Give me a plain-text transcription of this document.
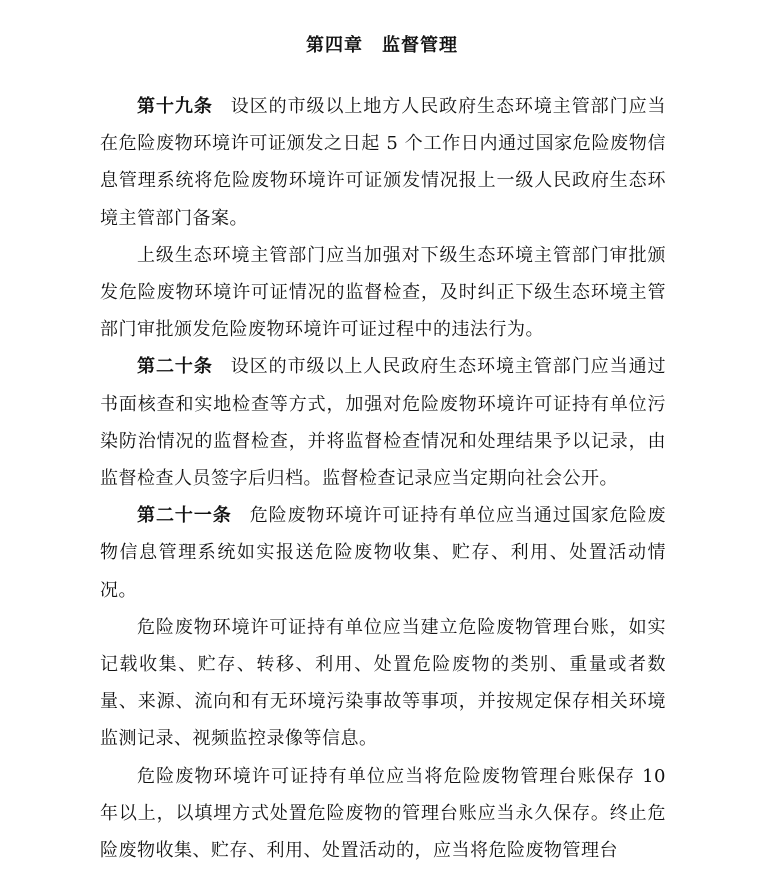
第四章　监督管理

第十九条 设区的市级以上地方人民政府生态环境主管部门应当在危险废物环境许可证颁发之日起 5 个工作日内通过国家危险废物信息管理系统将危险废物环境许可证颁发情况报上一级人民政府生态环境主管部门备案。

上级生态环境主管部门应当加强对下级生态环境主管部门审批颁发危险废物环境许可证情况的监督检查，及时纠正下级生态环境主管部门审批颁发危险废物环境许可证过程中的违法行为。

第二十条 设区的市级以上人民政府生态环境主管部门应当通过书面核查和实地检查等方式，加强对危险废物环境许可证持有单位污染防治情况的监督检查，并将监督检查情况和处理结果予以记录，由监督检查人员签字后归档。监督检查记录应当定期向社会公开。

第二十一条 危险废物环境许可证持有单位应当通过国家危险废物信息管理系统如实报送危险废物收集、贮存、利用、处置活动情况。

危险废物环境许可证持有单位应当建立危险废物管理台账，如实记载收集、贮存、转移、利用、处置危险废物的类别、重量或者数量、来源、流向和有无环境污染事故等事项，并按规定保存相关环境监测记录、视频监控录像等信息。

危险废物环境许可证持有单位应当将危险废物管理台账保存 10 年以上，以填埋方式处置危险废物的管理台账应当永久保存。终止危险废物收集、贮存、利用、处置活动的，应当将危险废物管理台
